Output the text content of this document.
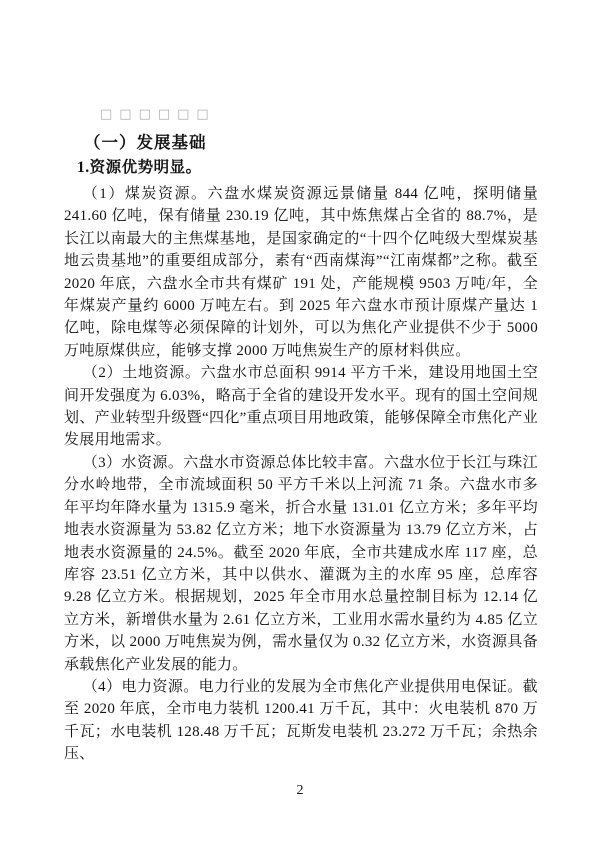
□□□□□□
（一）发展基础
1.资源优势明显。

（1）煤炭资源。六盘水煤炭资源远景储量 844 亿吨，探明储量 241.60 亿吨，保有储量 230.19 亿吨，其中炼焦煤占全省的 88.7%，是长江以南最大的主焦煤基地，是国家确定的“十四个亿吨级大型煤炭基地云贵基地”的重要组成部分，素有“西南煤海”“江南煤都”之称。截至 2020 年底，六盘水全市共有煤矿 191 处，产能规模 9503 万吨/年，全年煤炭产量约 6000 万吨左右。到 2025 年六盘水市预计原煤产量达 1 亿吨，除电煤等必须保障的计划外，可以为焦化产业提供不少于 5000 万吨原煤供应，能够支撑 2000 万吨焦炭生产的原材料供应。

（2）土地资源。六盘水市总面积 9914 平方千米，建设用地国土空间开发强度为 6.03%，略高于全省的建设开发水平。现有的国土空间规划、产业转型升级暨“四化”重点项目用地政策，能够保障全市焦化产业发展用地需求。

（3）水资源。六盘水市资源总体比较丰富。六盘水位于长江与珠江分水岭地带，全市流域面积 50 平方千米以上河流 71 条。六盘水市多年平均年降水量为 1315.9 毫米，折合水量 131.01 亿立方米；多年平均地表水资源量为 53.82 亿立方米；地下水资源量为 13.79 亿立方米，占地表水资源量的 24.5%。截至 2020 年底，全市共建成水库 117 座，总库容 23.51 亿立方米，其中以供水、灌溉为主的水库 95 座，总库容 9.28 亿立方米。根据规划，2025 年全市用水总量控制目标为 12.14 亿立方米，新增供水量为 2.61 亿立方米，工业用水需水量约为 4.85 亿立方米，以 2000 万吨焦炭为例，需水量仅为 0.32 亿立方米，水资源具备承载焦化产业发展的能力。

（4）电力资源。电力行业的发展为全市焦化产业提供用电保证。截至 2020 年底，全市电力装机 1200.41 万千瓦，其中：火电装机 870 万千瓦；水电装机 128.48 万千瓦；瓦斯发电装机 23.272 万千瓦；余热余压、

2
